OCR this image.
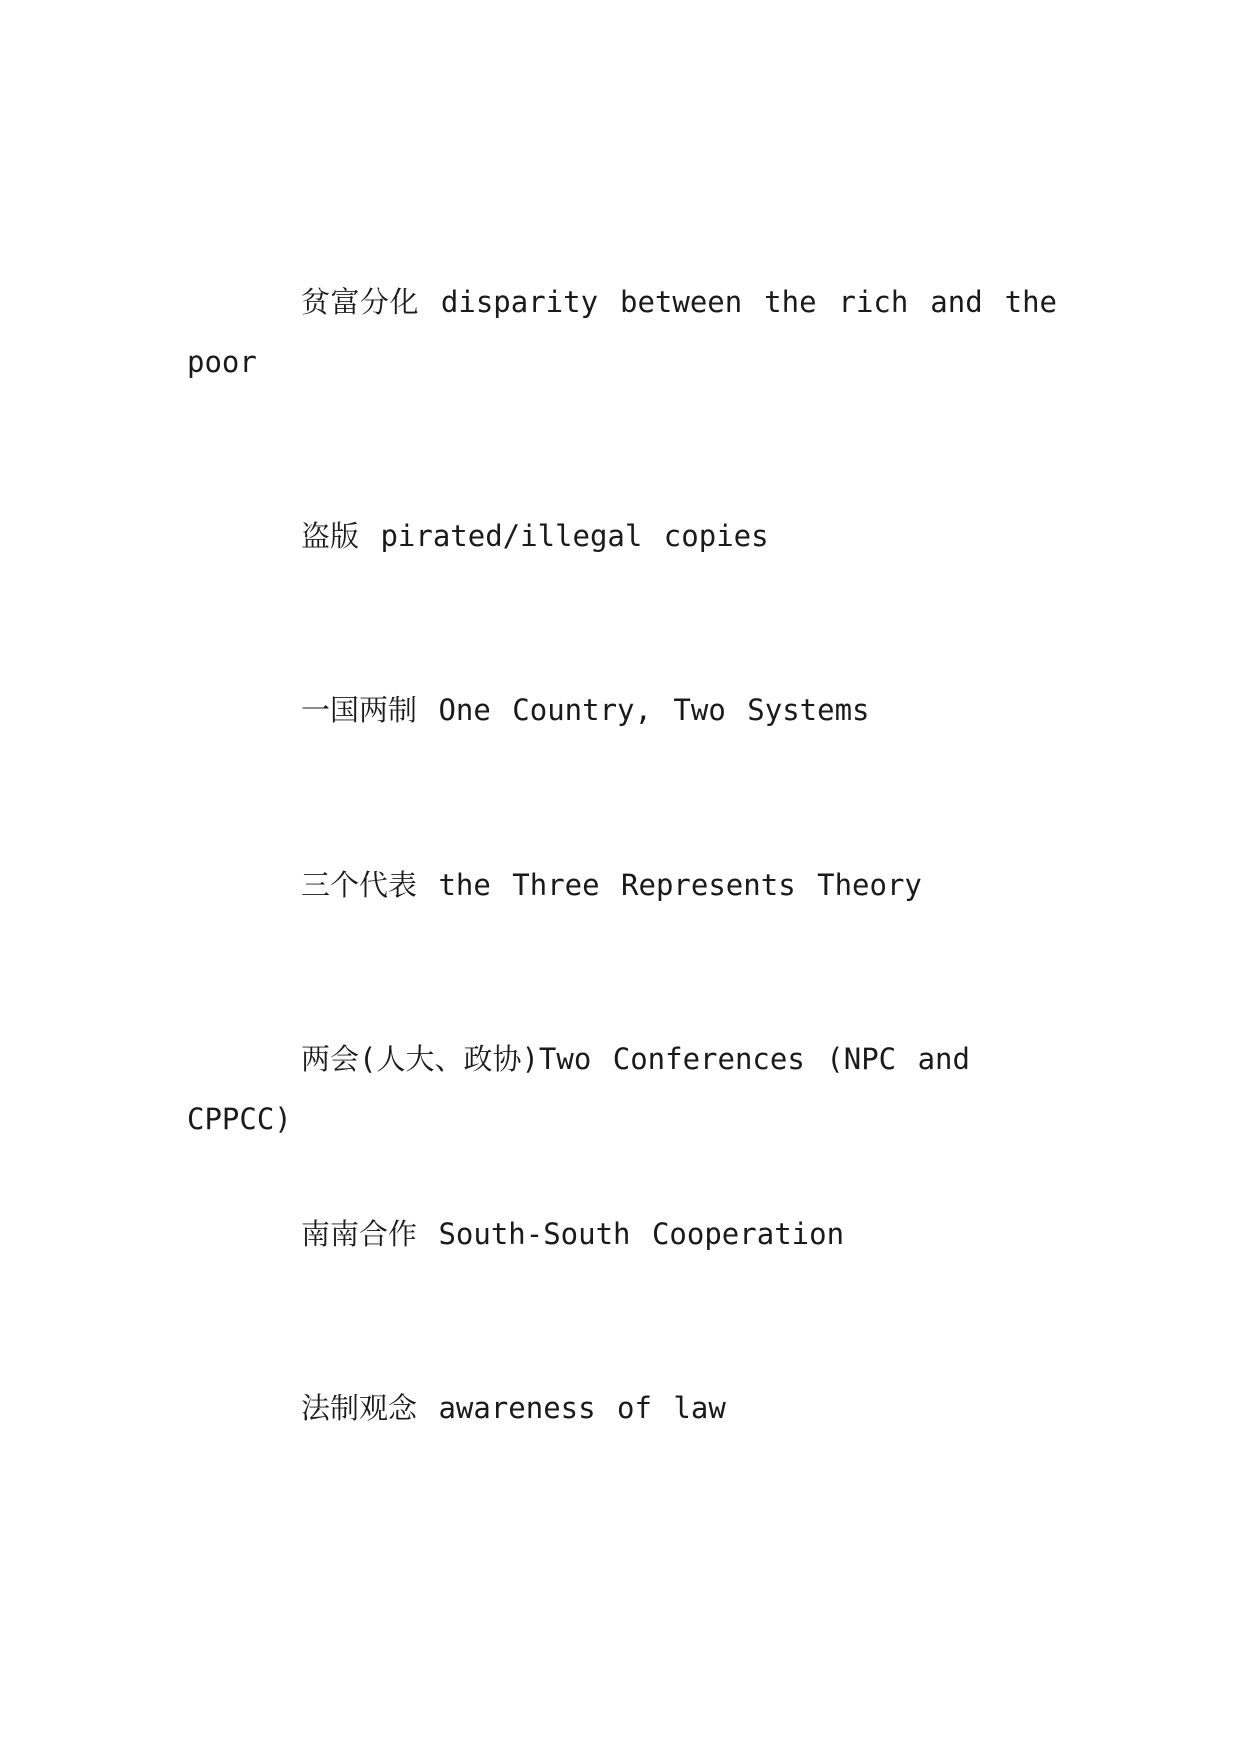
贫富分化 disparity between the rich and the poor

盗版 pirated/illegal copies

一国两制 One Country, Two Systems

三个代表 the Three Represents Theory

两会(人大、政协)Two Conferences (NPC and CPPCC)

南南合作 South-South Cooperation

法制观念 awareness of law
